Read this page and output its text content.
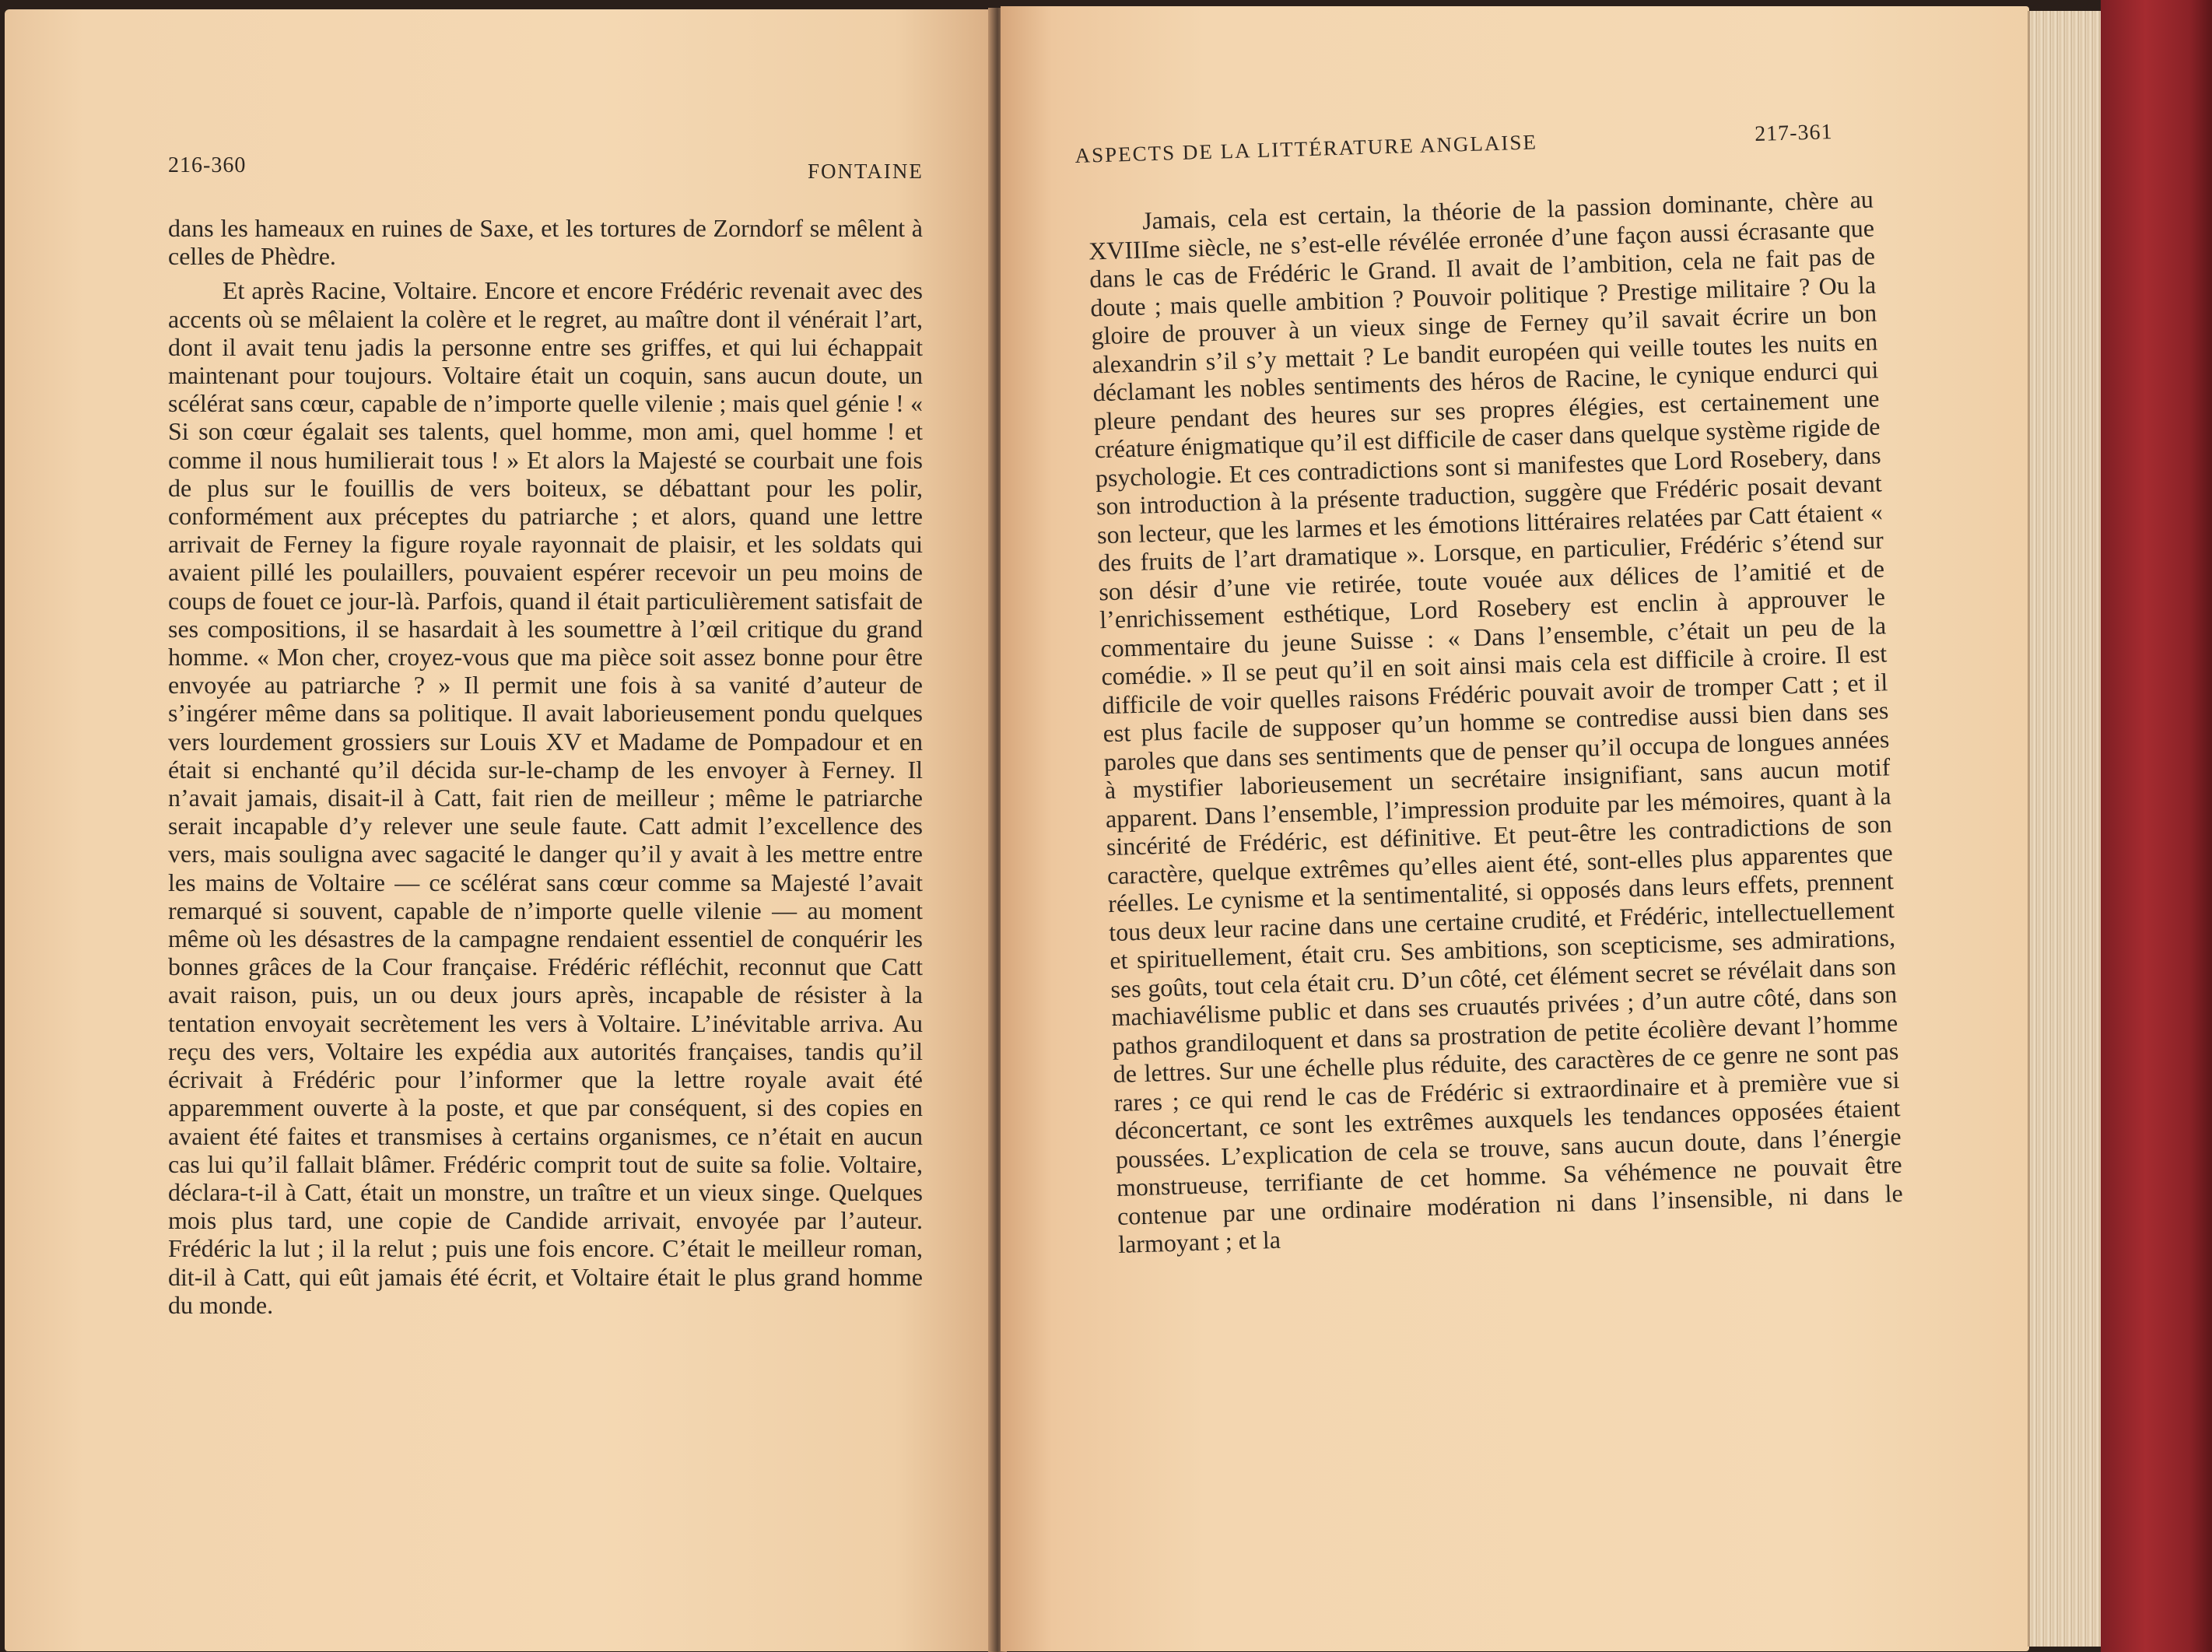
216-360	FONTAINE

dans les hameaux en ruines de Saxe, et les tortures de Zorndorf se mêlent à celles de Phèdre.

Et après Racine, Voltaire. Encore et encore Frédéric revenait avec des accents où se mêlaient la colère et le regret, au maître dont il vénérait l’art, dont il avait tenu jadis la personne entre ses griffes, et qui lui échappait maintenant pour toujours. Voltaire était un coquin, sans aucun doute, un scélérat sans cœur, capable de n’importe quelle vilenie ; mais quel génie ! « Si son cœur égalait ses talents, quel homme, mon ami, quel homme ! et comme il nous humilierait tous ! » Et alors la Majesté se courbait une fois de plus sur le fouillis de vers boiteux, se débattant pour les polir, conformément aux préceptes du patriarche ; et alors, quand une lettre arrivait de Ferney la figure royale rayonnait de plaisir, et les soldats qui avaient pillé les poulaillers, pouvaient espérer recevoir un peu moins de coups de fouet ce jour-là. Parfois, quand il était particulièrement satisfait de ses compositions, il se hasardait à les soumettre à l’œil critique du grand homme. « Mon cher, croyez-vous que ma pièce soit assez bonne pour être envoyée au patriarche ? » Il permit une fois à sa vanité d’auteur de s’ingérer même dans sa politique. Il avait laborieusement pondu quelques vers lourdement grossiers sur Louis XV et Madame de Pompadour et en était si enchanté qu’il décida sur-le-champ de les envoyer à Ferney. Il n’avait jamais, disait-il à Catt, fait rien de meilleur ; même le patriarche serait incapable d’y relever une seule faute. Catt admit l’excellence des vers, mais souligna avec sagacité le danger qu’il y avait à les mettre entre les mains de Voltaire — ce scélérat sans cœur comme sa Majesté l’avait remarqué si souvent, capable de n’importe quelle vilenie — au moment même où les désastres de la campagne rendaient essentiel de conquérir les bonnes grâces de la Cour française. Frédéric réfléchit, reconnut que Catt avait raison, puis, un ou deux jours après, incapable de résister à la tentation envoyait secrètement les vers à Voltaire. L’inévitable arriva. Au reçu des vers, Voltaire les expédia aux autorités françaises, tandis qu’il écrivait à Frédéric pour l’informer que la lettre royale avait été apparemment ouverte à la poste, et que par conséquent, si des copies en avaient été faites et transmises à certains organismes, ce n’était en aucun cas lui qu’il fallait blâmer. Frédéric comprit tout de suite sa folie. Voltaire, déclara-t-il à Catt, était un monstre, un traître et un vieux singe. Quelques mois plus tard, une copie de Candide arrivait, envoyée par l’auteur. Frédéric la lut ; il la relut ; puis une fois encore. C’était le meilleur roman, dit-il à Catt, qui eût jamais été écrit, et Voltaire était le plus grand homme du monde.

ASPECTS DE LA LITTÉRATURE ANGLAISE	217-361

Jamais, cela est certain, la théorie de la passion dominante, chère au XVIIIme siècle, ne s’est-elle révélée erronée d’une façon aussi écrasante que dans le cas de Frédéric le Grand. Il avait de l’ambition, cela ne fait pas de doute ; mais quelle ambition ? Pouvoir politique ? Prestige militaire ? Ou la gloire de prouver à un vieux singe de Ferney qu’il savait écrire un bon alexandrin s’il s’y mettait ? Le bandit européen qui veille toutes les nuits en déclamant les nobles sentiments des héros de Racine, le cynique endurci qui pleure pendant des heures sur ses propres élégies, est certainement une créature énigmatique qu’il est difficile de caser dans quelque système rigide de psychologie. Et ces contradictions sont si manifestes que Lord Rosebery, dans son introduction à la présente traduction, suggère que Frédéric posait devant son lecteur, que les larmes et les émotions littéraires relatées par Catt étaient « des fruits de l’art dramatique ». Lorsque, en particulier, Frédéric s’étend sur son désir d’une vie retirée, toute vouée aux délices de l’amitié et de l’enrichissement esthétique, Lord Rosebery est enclin à approuver le commentaire du jeune Suisse : « Dans l’ensemble, c’était un peu de la comédie. » Il se peut qu’il en soit ainsi mais cela est difficile à croire. Il est difficile de voir quelles raisons Frédéric pouvait avoir de tromper Catt ; et il est plus facile de supposer qu’un homme se contredise aussi bien dans ses paroles que dans ses sentiments que de penser qu’il occupa de longues années à mystifier laborieusement un secrétaire insignifiant, sans aucun motif apparent. Dans l’ensemble, l’impression produite par les mémoires, quant à la sincérité de Frédéric, est définitive. Et peut-être les contradictions de son caractère, quelque extrêmes qu’elles aient été, sont-elles plus apparentes que réelles. Le cynisme et la sentimentalité, si opposés dans leurs effets, prennent tous deux leur racine dans une certaine crudité, et Frédéric, intellectuellement et spirituellement, était cru. Ses ambitions, son scepticisme, ses admirations, ses goûts, tout cela était cru. D’un côté, cet élément secret se révélait dans son machiavélisme public et dans ses cruautés privées ; d’un autre côté, dans son pathos grandiloquent et dans sa prostration de petite écolière devant l’homme de lettres. Sur une échelle plus réduite, des caractères de ce genre ne sont pas rares ; ce qui rend le cas de Frédéric si extraordinaire et à première vue si déconcertant, ce sont les extrêmes auxquels les tendances opposées étaient poussées. L’explication de cela se trouve, sans aucun doute, dans l’énergie monstrueuse, terrifiante de cet homme. Sa véhémence ne pouvait être contenue par une ordinaire modération ni dans l’insensible, ni dans le larmoyant ; et la
